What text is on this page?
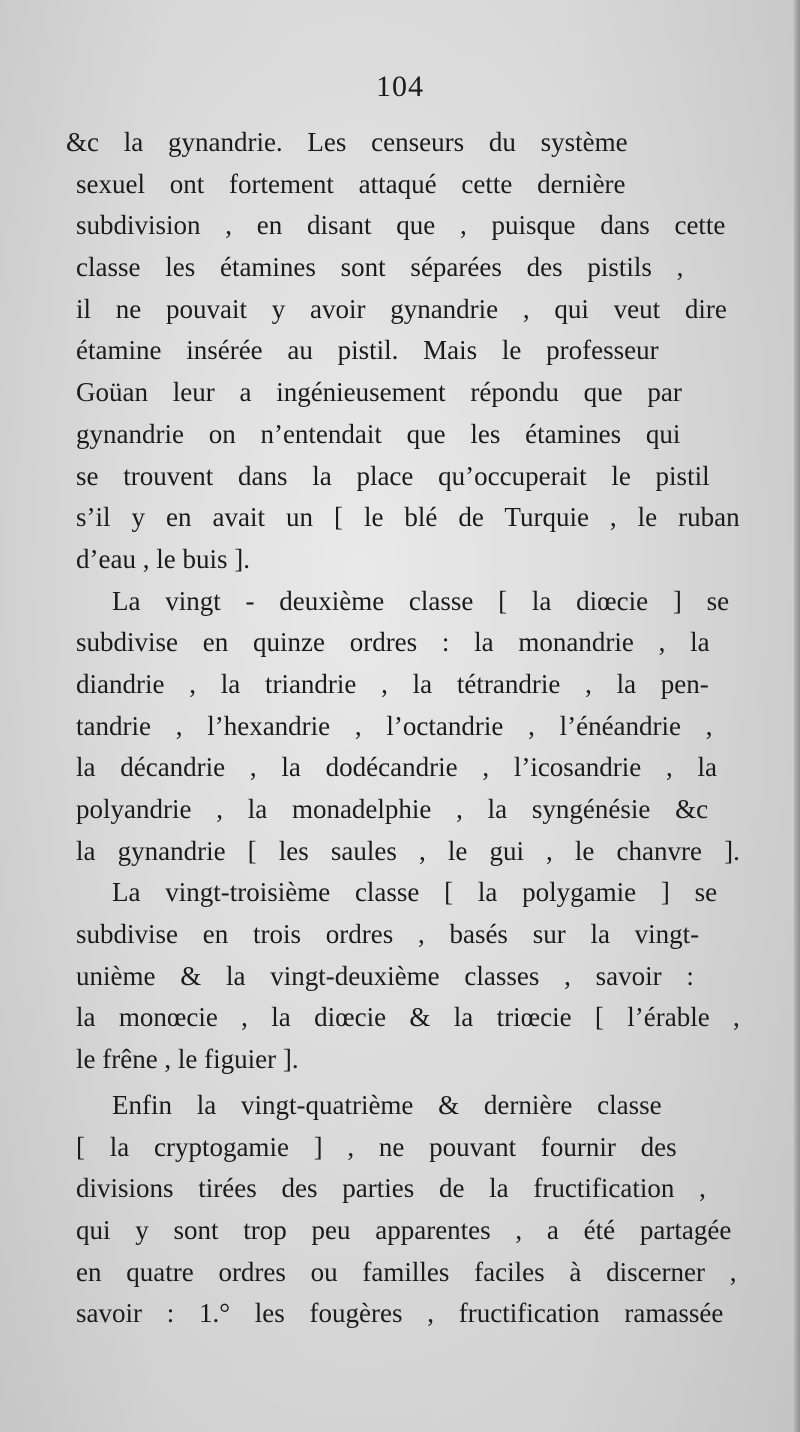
104
&c la gynandrie. Les censeurs du système
sexuel ont fortement attaqué cette dernière
subdivision , en disant que , puisque dans cette
classe les étamines sont séparées des pistils ,
il ne pouvait y avoir gynandrie , qui veut dire
étamine insérée au pistil. Mais le professeur
Goüan leur a ingénieusement répondu que par
gynandrie on n’entendait que les étamines qui
se trouvent dans la place qu’occuperait le pistil
s’il y en avait un [ le blé de Turquie , le ruban
d’eau , le buis ].
La vingt - deuxième classe [ la diœcie ] se
subdivise en quinze ordres : la monandrie , la
diandrie , la triandrie , la tétrandrie , la pen-
tandrie , l’hexandrie , l’octandrie , l’énéandrie ,
la décandrie , la dodécandrie , l’icosandrie , la
polyandrie , la monadelphie , la syngénésie &c
la gynandrie [ les saules , le gui , le chanvre ].
La vingt-troisième classe [ la polygamie ] se
subdivise en trois ordres , basés sur la vingt-
unième & la vingt-deuxième classes , savoir :
la monœcie , la diœcie & la triœcie [ l’érable ,
le frêne , le figuier ].
Enfin la vingt-quatrième & dernière classe
[ la cryptogamie ] , ne pouvant fournir des
divisions tirées des parties de la fructification ,
qui y sont trop peu apparentes , a été partagée
en quatre ordres ou familles faciles à discerner ,
savoir : 1.° les fougères , fructification ramassée
